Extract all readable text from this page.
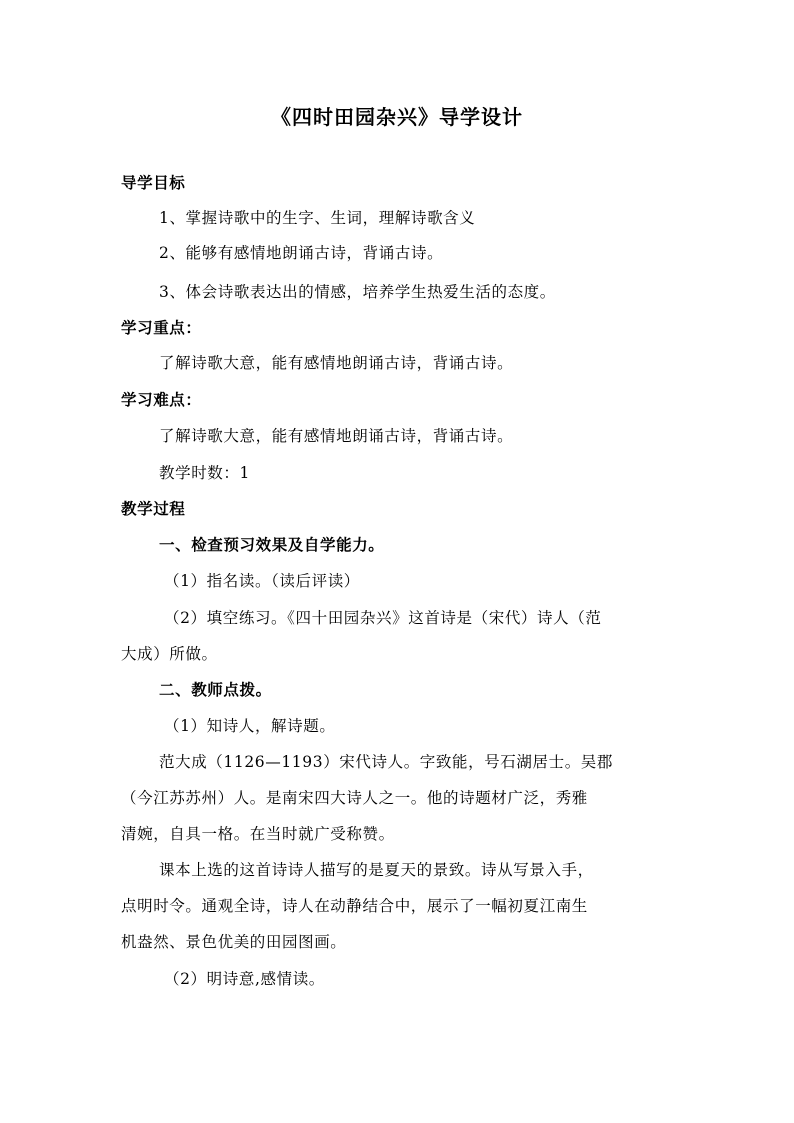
《四时田园杂兴》导学设计
导学目标
1、掌握诗歌中的生字、生词，理解诗歌含义
2、能够有感情地朗诵古诗，背诵古诗。
3、体会诗歌表达出的情感，培养学生热爱生活的态度。
学习重点：
了解诗歌大意，能有感情地朗诵古诗，背诵古诗。
学习难点：
了解诗歌大意，能有感情地朗诵古诗，背诵古诗。
教学时数：1
教学过程
一、检查预习效果及自学能力。
（1）指名读。（读后评读）
（2）填空练习。《四十田园杂兴》这首诗是（宋代）诗人（范
大成）所做。
二、教师点拨。
（1）知诗人，解诗题。
范大成（1126—1193）宋代诗人。字致能，号石湖居士。吴郡
（今江苏苏州）人。是南宋四大诗人之一。他的诗题材广泛，秀雅
清婉，自具一格。在当时就广受称赞。
课本上选的这首诗诗人描写的是夏天的景致。诗从写景入手，
点明时令。通观全诗，诗人在动静结合中，展示了一幅初夏江南生
机盎然、景色优美的田园图画。
（2）明诗意,感情读。
